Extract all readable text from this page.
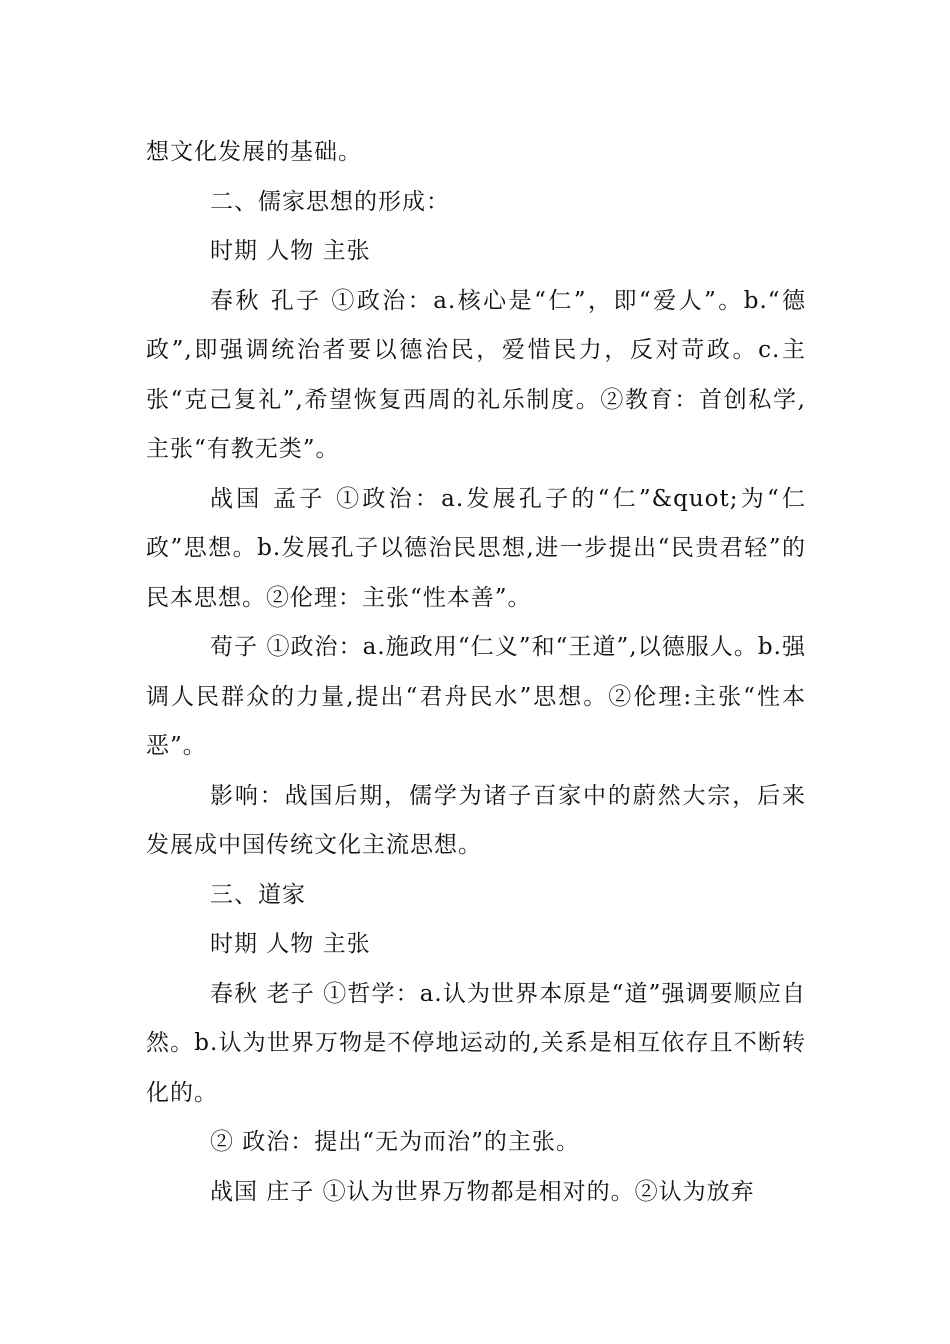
想文化发展的基础。

二、儒家思想的形成：

时期 人物 主张

春秋 孔子 ①政治：a.核心是“仁”，即“爱人”。b.“德政”,即强调统治者要以德治民，爱惜民力，反对苛政。c.主张“克己复礼”,希望恢复西周的礼乐制度。②教育：首创私学,主张“有教无类”。

战国 孟子 ①政治：a.发展孔子的“仁”&quot;为“仁政”思想。b.发展孔子以德治民思想,进一步提出“民贵君轻”的民本思想。②伦理：主张“性本善”。

荀子 ①政治：a.施政用“仁义”和“王道”,以德服人。b.强调人民群众的力量,提出“君舟民水”思想。②伦理:主张“性本恶”。

影响：战国后期，儒学为诸子百家中的蔚然大宗，后来发展成中国传统文化主流思想。

三、道家

时期 人物 主张

春秋 老子 ①哲学：a.认为世界本原是“道”强调要顺应自然。b.认为世界万物是不停地运动的,关系是相互依存且不断转化的。

② 政治：提出“无为而治”的主张。

战国 庄子 ①认为世界万物都是相对的。②认为放弃
